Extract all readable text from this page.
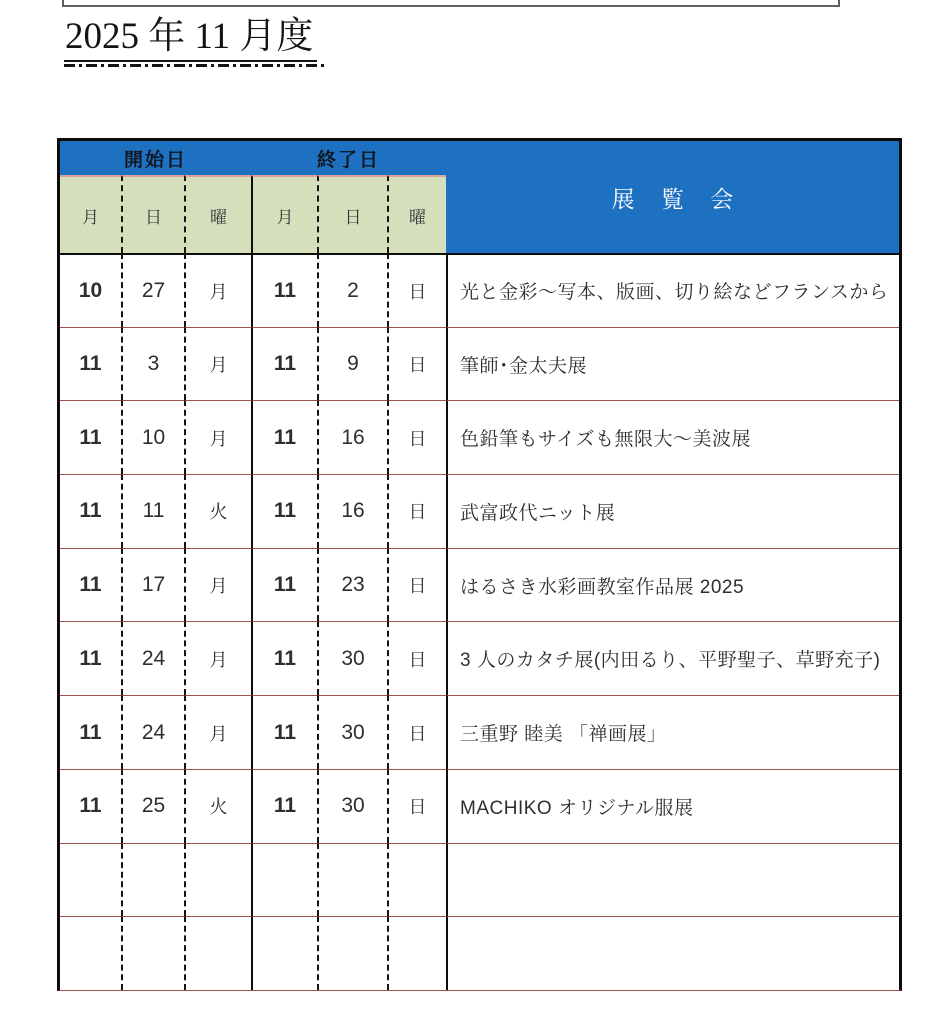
2025 年 11 月度
開始日	終了日
展 覧 会
月	日	曜	月	日	曜
10	27	月	11	2	日	光と金彩～写本、版画、切り絵などフランスから
11	3	月	11	9	日	筆師･金太夫展
11	10	月	11	16	日	色鉛筆もサイズも無限大～美波展
11	11	火	11	16	日	武富政代ニット展
11	17	月	11	23	日	はるさき水彩画教室作品展 2025
11	24	月	11	30	日	3 人のカタチ展(内田るり、平野聖子、草野充子)
11	24	月	11	30	日	三重野 睦美 「禅画展」
11	25	火	11	30	日	MACHIKO オリジナル服展
